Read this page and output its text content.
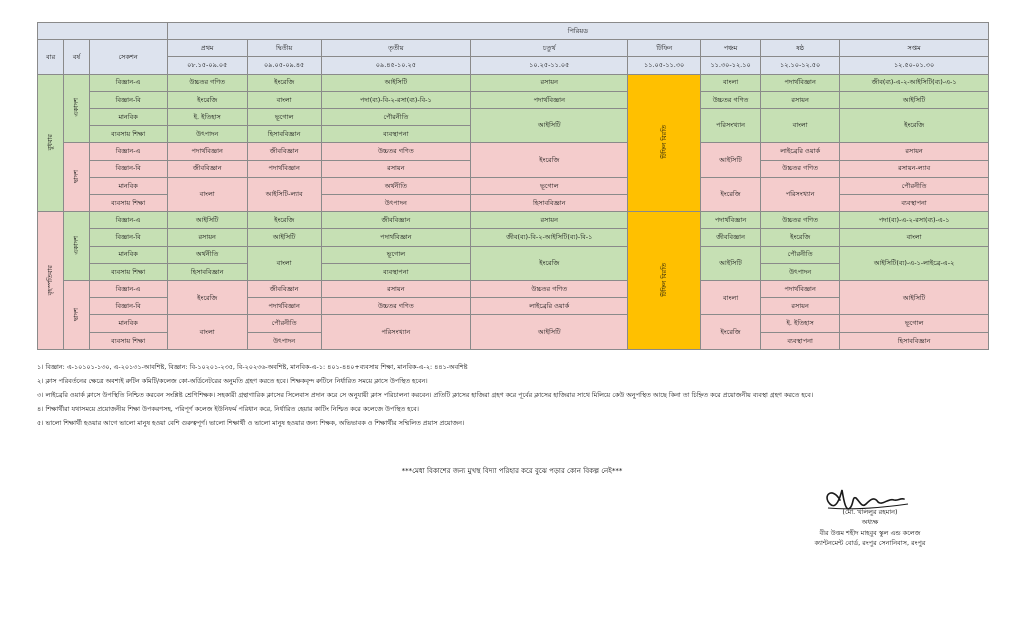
			পিরিয়ড							
বার	বর্ষ	সেকশন	প্রথম	দ্বিতীয়	তৃতীয়	চতুর্থ	টিফিন	পঞ্চম	ষষ্ঠ	সপ্তম
			০৮.১৫-০৯.০৫	০৯.০৫-০৯.৪৫	০৯.৪৫-১০.২৫	১০.২৫-১১.০৫	১১.০৫-১১.৩০	১১.৩০-১২.১০	১২.১০-১২.৫০	১২.৫০-০১.৩০
বুধবার	একাদশ	বিজ্ঞান-এ	উচ্চতর গণিত	ইংরেজি	আইসিটি	রসায়ন	টিফিন বিরতি	বাংলা	পদার্থবিজ্ঞান	জীব(ব্য)-এ-২-আইসিটি(ব্য)-এ-১
		বিজ্ঞান-বি	ইংরেজি	বাংলা	পদা(ব্য)-বি-২-রসা(ব্য)-বি-১	পদার্থবিজ্ঞান		উচ্চতর গণিত	রসায়ন	আইসিটি
		মানবিক	ই. ইতিহাস	ভূগোল	পৌরনীতি	আইসিটি		পরিসংখ্যান	বাংলা	ইংরেজি
		ব্যবসায় শিক্ষা	উৎপাদন	হিসাববিজ্ঞান	ব্যবস্থাপনা					
	দ্বাদশ	বিজ্ঞান-এ	পদার্থবিজ্ঞান	জীববিজ্ঞান	উচ্চতর গণিত	ইংরেজি		আইসিটি	লাইব্রেরি ওয়ার্ক	রসায়ন
		বিজ্ঞান-বি	জীববিজ্ঞান	পদার্থবিজ্ঞান	রসায়ন				উচ্চতর গণিত	রসায়ন-ল্যাব
		মানবিক	বাংলা	আইসিটি-ল্যাব	অর্থনীতি	ভূগোল		ইংরেজি	পরিসংখ্যান	পৌরনীতি
		ব্যবসায় শিক্ষা			উৎপাদন	হিসাববিজ্ঞান				ব্যবস্থাপনা
বৃহস্পতিবার	একাদশ	বিজ্ঞান-এ	আইসিটি	ইংরেজি	জীববিজ্ঞান	রসায়ন	টিফিন বিরতি	পদার্থবিজ্ঞান	উচ্চতর গণিত	পদা(ব্য)-এ-২-রসা(ব্য)-এ-১
		বিজ্ঞান-বি	রসায়ন	আইসিটি	পদার্থবিজ্ঞান	জীব(ব্য)-বি-২-আইসিটি(ব্য)-বি-১		জীববিজ্ঞান	ইংরেজি	বাংলা
		মানবিক	অর্থনীতি	বাংলা	ভূগোল	ইংরেজি		আইসিটি	পৌরনীতি	আইসিটি(ব্য)-এ-১-লাইব্রে-এ-২
		ব্যবসায় শিক্ষা	হিসাববিজ্ঞান		ব্যবস্থাপনা				উৎপাদন	
	দ্বাদশ	বিজ্ঞান-এ	ইংরেজি	জীববিজ্ঞান	রসায়ন	উচ্চতর গণিত		বাংলা	পদার্থবিজ্ঞান	আইসিটি
		বিজ্ঞান-বি		পদার্থবিজ্ঞান	উচ্চতর গণিত	লাইব্রেরি ওয়ার্ক			রসায়ন	
		মানবিক	বাংলা	পৌরনীতি	পরিসংখ্যান	আইসিটি		ইংরেজি	ই. ইতিহাস	ভূগোল
		ব্যবসায় শিক্ষা		উৎপাদন					ব্যবস্থাপনা	হিসাববিজ্ঞান

১। বিজ্ঞান: এ-১০১০১-১৩০, এ-২০১৩১-আবশিষ্ট, বিজ্ঞান: বি-১০২০১-২৩৫, বি-২০২৩৬-অবশিষ্ট, মানবিক-এ-১: ৪০১-৪৪০+ব্যবসায় শিক্ষা, মানবিক-এ-২: ৪৪১-অবশিষ্ট

২। ক্লাস পরিবর্তনের ক্ষেত্রে অবশ্যই রুটিন কমিটি/কলেজ কো-অর্ডিনেটরের অনুমতি গ্রহণ করতে হবে। শিক্ষকবৃন্দ রুটিনে নির্ধারিত সময়ে ক্লাসে উপস্থিত হবেন।

৩। লাইব্রেরি ওয়ার্ক ক্লাসে উপস্থিতি নিশ্চিত করবেন সংশ্লিষ্ট শ্রেণিশিক্ষক। সহকারী গ্রন্থাগারিক ক্লাসের সিলেবাস প্রদান করে সে অনুযায়ী ক্লাস পরিচালনা করবেন। প্রতিটি ক্লাসের হাজিরা গ্রহণ করে পূর্বের ক্লাসের হাজিরার সাথে মিলিয়ে কেউ অনুপস্থিত আছে কিনা তা চিহ্নিত করে প্রয়োজনীয় ব্যবস্থা গ্রহণ করতে হবে।

৪। শিক্ষার্থীরা যথাসময়ে প্রয়োজনীয় শিক্ষা উপকরণসহ, পরিপূর্ণ কলেজ ইউনিফর্ম পরিধান করে, নির্ধারিত হেয়ার কাটিং নিশ্চিত করে কলেজে উপস্থিত হবে।

৫। ভালো শিক্ষার্থী হওয়ার আগে ভালো মানুষ হওয়া বেশি গুরুত্বপূর্ণ। ভালো শিক্ষার্থী ও ভালো মানুষ হওয়ার জন্য শিক্ষক, অভিভাবক ও শিক্ষার্থীর সম্মিলিত প্রয়াস প্রয়োজন।

***মেধা বিকাশের জন্য মুখস্থ বিদ্যা পরিহার করে বুঝে পড়ার কোন বিকল্প নেই***
(মো. খলিলুর রহমান)
অধ্যক্ষ
বীর উত্তম শহীদ মাহবুব স্কুল এন্ড কলেজ
ক্যান্টনমেন্ট বোর্ড, রংপুর সেনানিবাস, রংপুর
